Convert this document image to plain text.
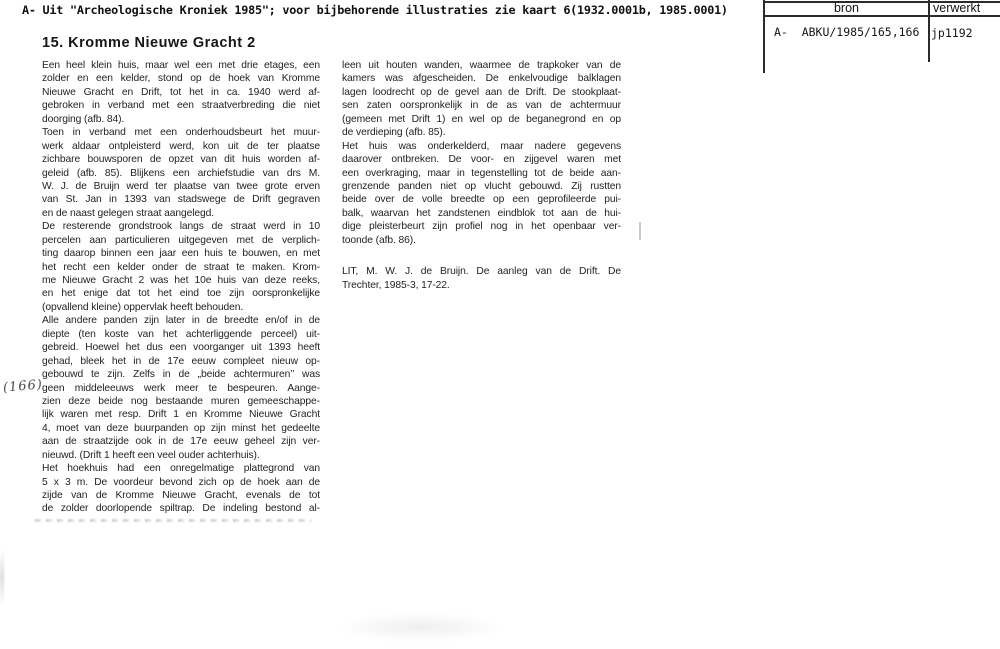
A- Uit "Archeologische Kroniek 1985"; voor bijbehorende illustraties zie kaart 6(1932.0001b, 1985.0001)	bron	verwerkt
A-  ABKU/1985/165,166 jp1192
15. Kromme Nieuwe Gracht 2
Een heel klein huis, maar wel een met drie etages, een
zolder en een kelder, stond op de hoek van Kromme
Nieuwe Gracht en Drift, tot het in ca. 1940 werd af-
gebroken in verband met een straatverbreding die niet
doorging (afb. 84).
Toen in verband met een onderhoudsbeurt het muur-
werk aldaar ontpleisterd werd, kon uit de ter plaatse
zichbare bouwsporen de opzet van dit huis worden af-
geleid (afb. 85). Blijkens een archiefstudie van drs M.
W. J. de Bruijn werd ter plaatse van twee grote erven
van St. Jan in 1393 van stadswege de Drift gegraven
en de naast gelegen straat aangelegd.
De resterende grondstrook langs de straat werd in 10
percelen aan particulieren uitgegeven met de verplich-
ting daarop binnen een jaar een huis te bouwen, en met
het recht een kelder onder de straat te maken. Krom-
me Nieuwe Gracht 2 was het 10e huis van deze reeks,
en het enige dat tot het eind toe zijn oorspronkelijke
(opvallend kleine) oppervlak heeft behouden.
Alle andere panden zijn later in de breedte en/of in de
diepte (ten koste van het achterliggende perceel) uit-
gebreid. Hoewel het dus een voorganger uit 1393 heeft
gehad, bleek het in de 17e eeuw compleet nieuw op-
gebouwd te zijn. Zelfs in de „beide achtermuren’’ was
geen middeleeuws werk meer te bespeuren. Aange-
zien deze beide nog bestaande muren gemeeschappe-
lijk waren met resp. Drift 1 en Kromme Nieuwe Gracht
4, moet van deze buurpanden op zijn minst het gedeelte
aan de straatzijde ook in de 17e eeuw geheel zijn ver-
nieuwd. (Drift 1 heeft een veel ouder achterhuis).
Het hoekhuis had een onregelmatige plattegrond van
5 x 3 m. De voordeur bevond zich op de hoek aan de
zijde van de Kromme Nieuwe Gracht, evenals de tot
de zolder doorlopende spiltrap. De indeling bestond al-
leen uit houten wanden, waarmee de trapkoker van de
kamers was afgescheiden. De enkelvoudige balklagen
lagen loodrecht op de gevel aan de Drift. De stookplaat-
sen zaten oorspronkelijk in de as van de achtermuur
(gemeen met Drift 1) en wel op de beganegrond en op
de verdieping (afb. 85).
Het huis was onderkelderd, maar nadere gegevens
daarover ontbreken. De voor- en zijgevel waren met
een overkraging, maar in tegenstelling tot de beide aan-
grenzende panden niet op vlucht gebouwd. Zij rustten
beide over de volle breedte op een geprofileerde pui-
balk, waarvan het zandstenen eindblok tot aan de hui-
dige pleisterbeurt zijn profiel nog in het openbaar ver-
toonde (afb. 86).
LIT, M. W. J. de Bruijn. De aanleg van de Drift. De
Trechter, 1985-3, 17-22.
(166)
